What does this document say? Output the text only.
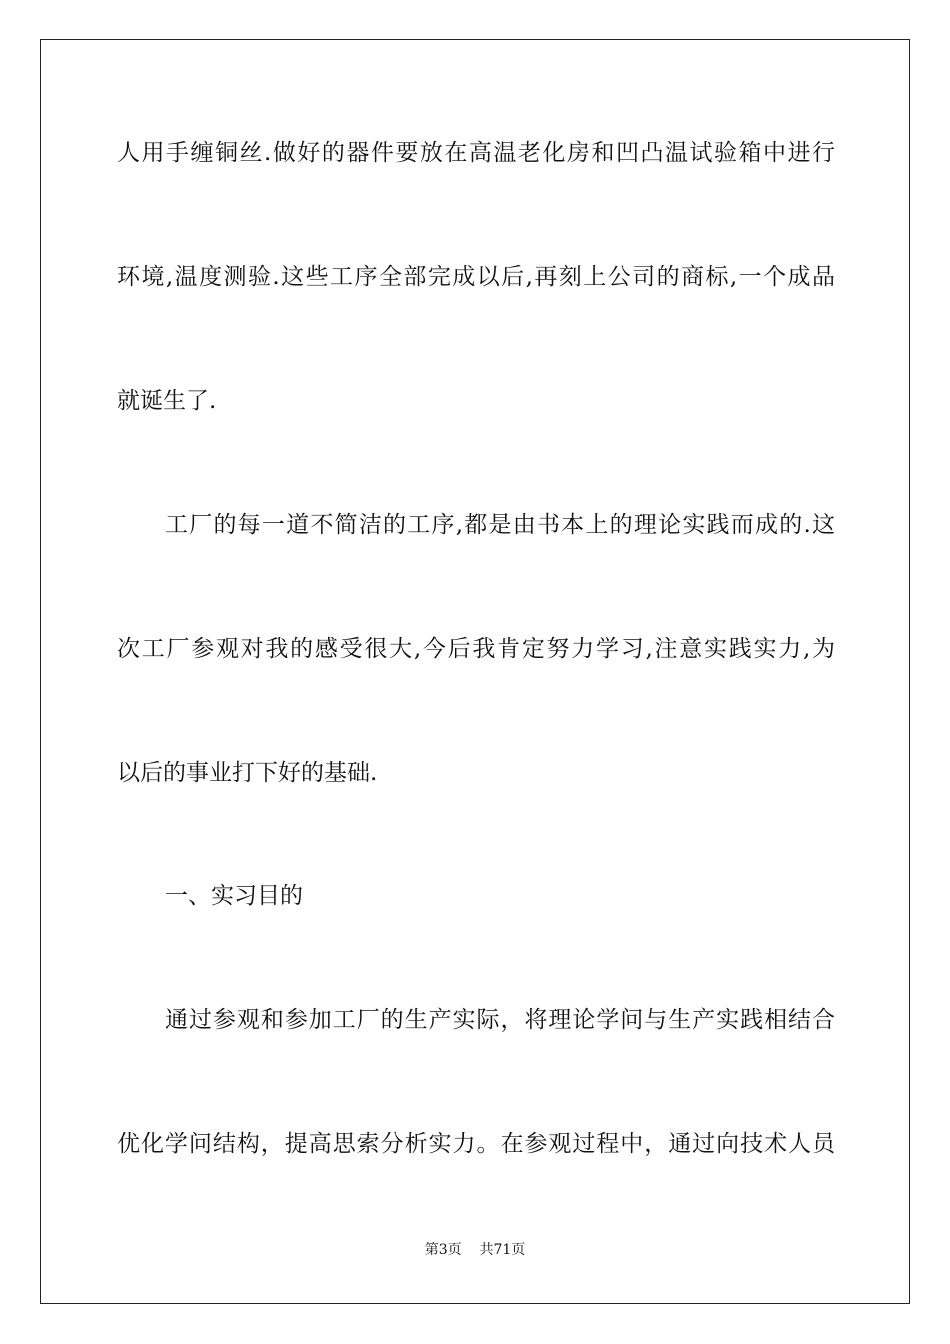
人用手缠铜丝.做好的器件要放在高温老化房和凹凸温试验箱中进行
环境,温度测验.这些工序全部完成以后,再刻上公司的商标,一个成品
就诞生了.
工厂的每一道不简洁的工序,都是由书本上的理论实践而成的.这
次工厂参观对我的感受很大,今后我肯定努力学习,注意实践实力,为
以后的事业打下好的基础.
一、实习目的
通过参观和参加工厂的生产实际，将理论学问与生产实践相结合
优化学问结构，提高思索分析实力。在参观过程中，通过向技术人员
第3页    共71页
